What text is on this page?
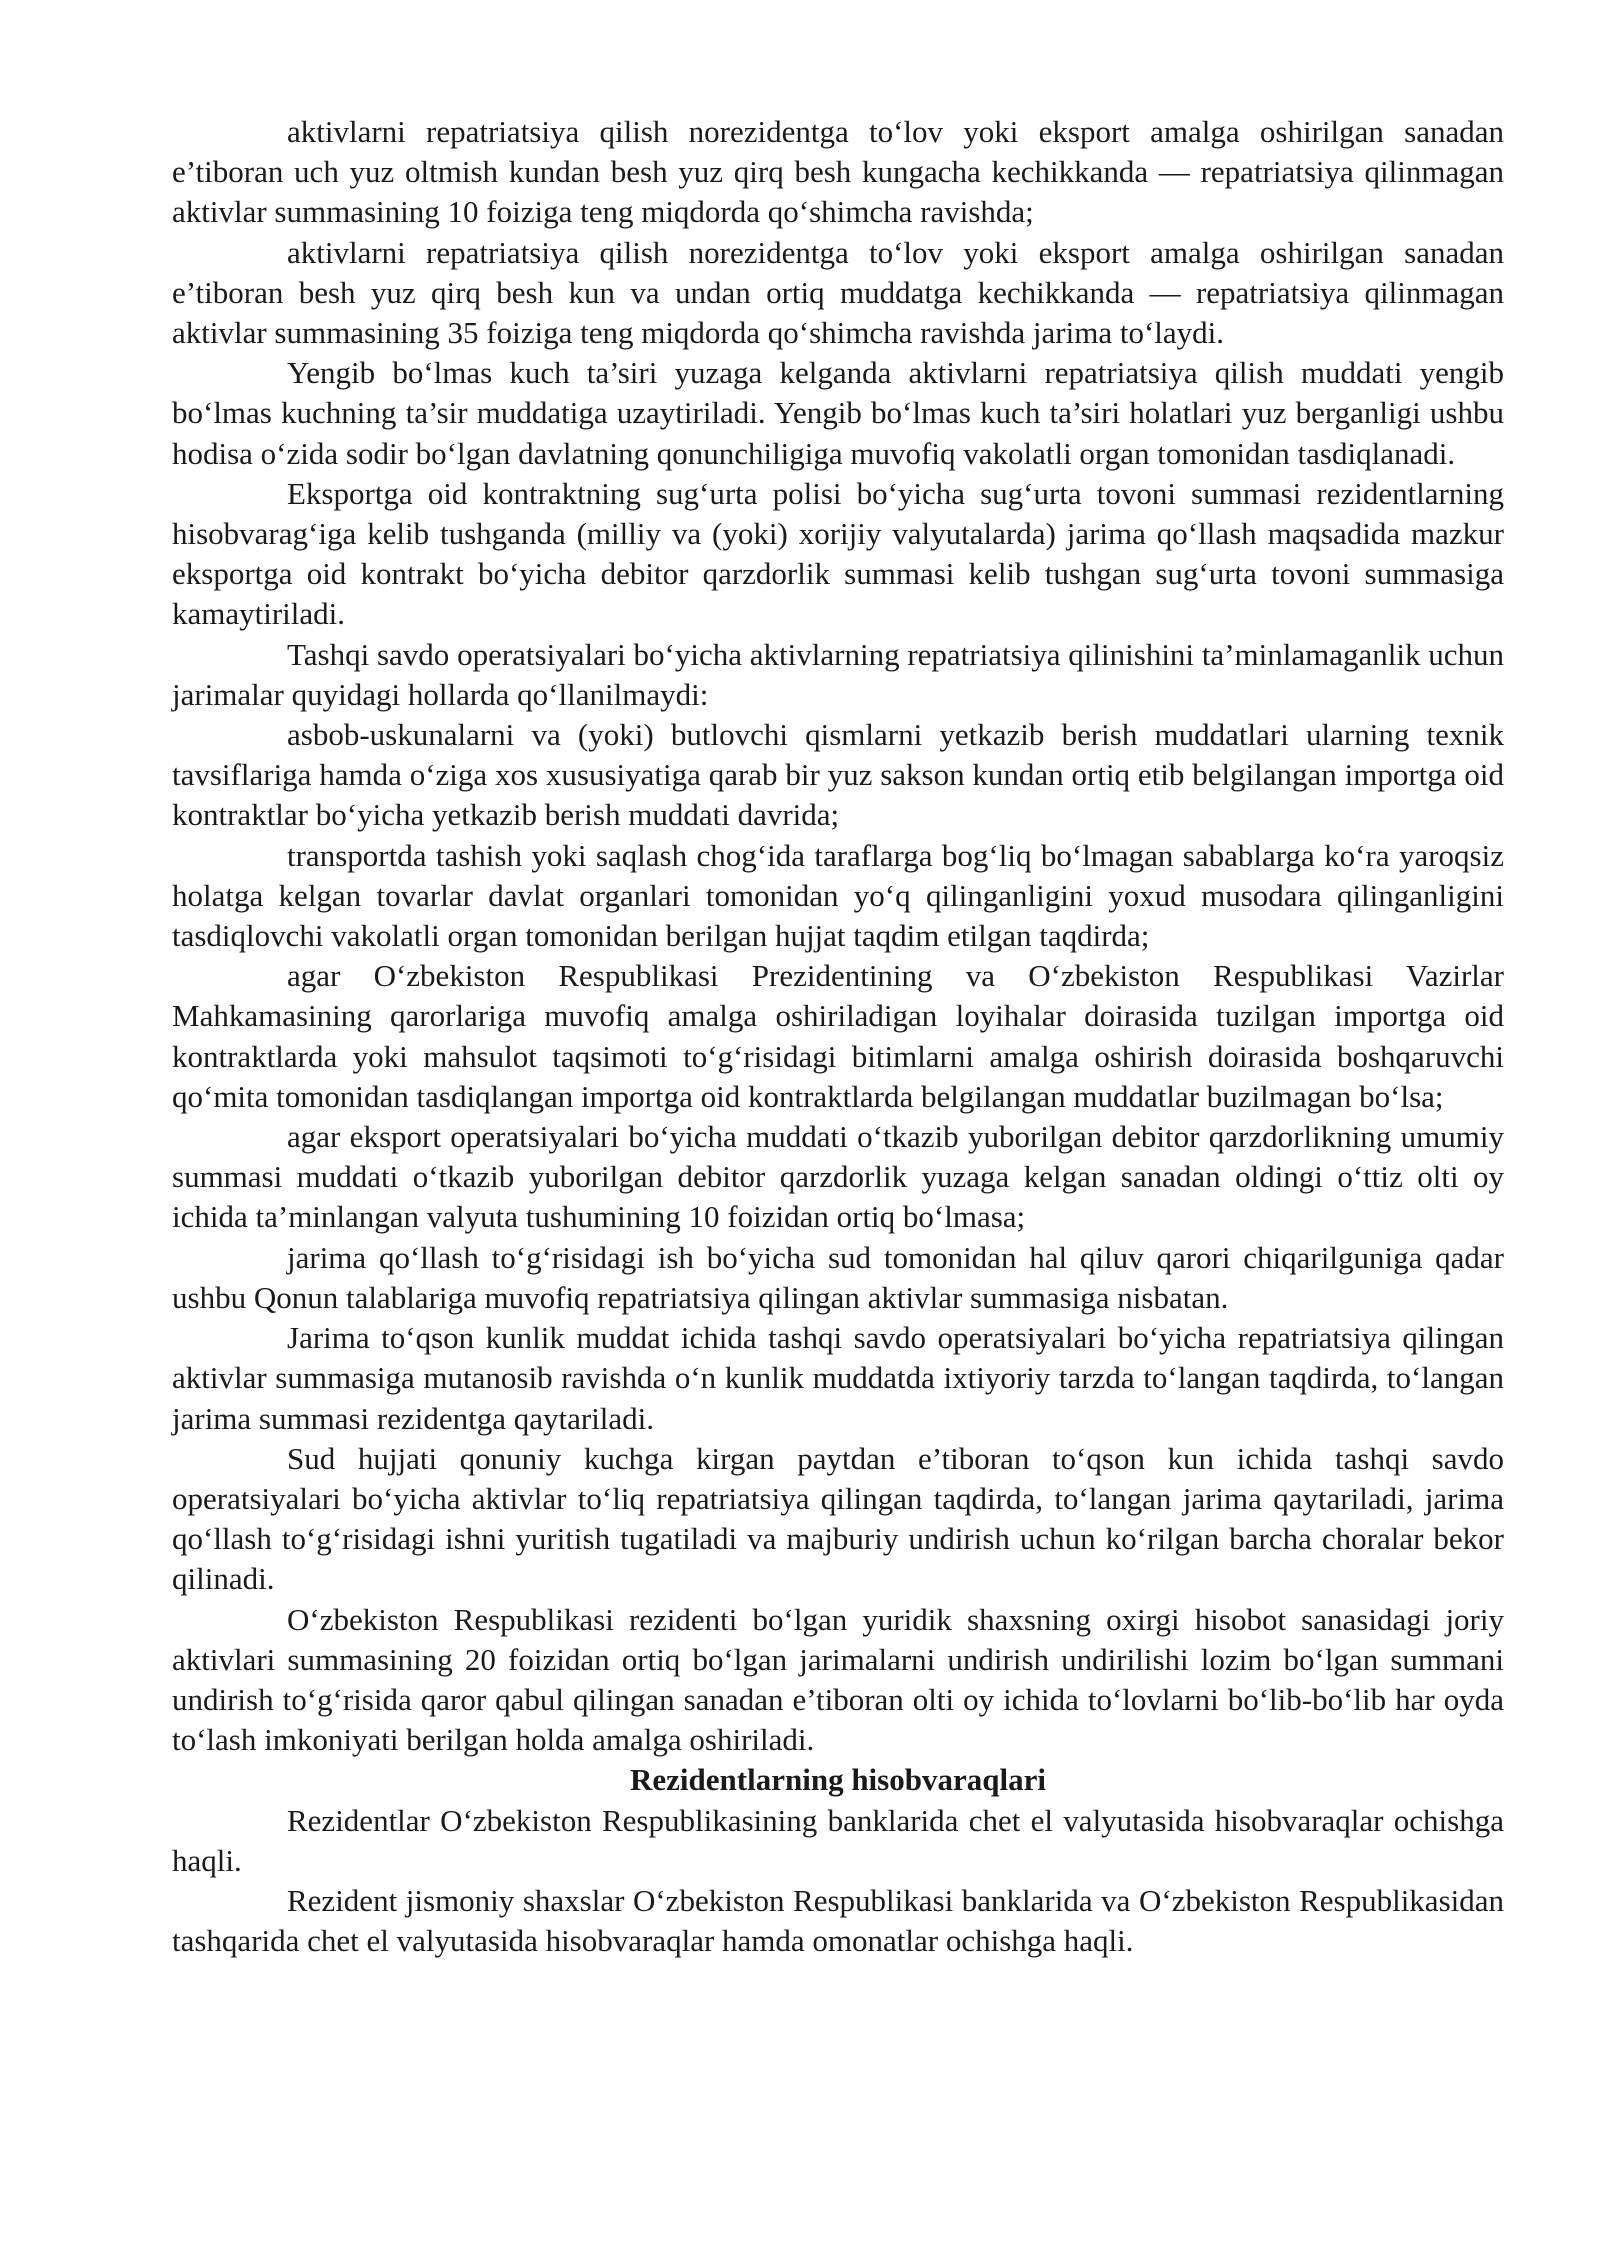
aktivlarni repatriatsiya qilish norezidentga to‘lov yoki eksport amalga oshirilgan sanadan e’tiboran uch yuz oltmish kundan besh yuz qirq besh kungacha kechikkanda — repatriatsiya qilinmagan aktivlar summasining 10 foiziga teng miqdorda qo‘shimcha ravishda;

aktivlarni repatriatsiya qilish norezidentga to‘lov yoki eksport amalga oshirilgan sanadan e’tiboran besh yuz qirq besh kun va undan ortiq muddatga kechikkanda — repatriatsiya qilinmagan aktivlar summasining 35 foiziga teng miqdorda qo‘shimcha ravishda jarima to‘laydi.

Yengib bo‘lmas kuch ta’siri yuzaga kelganda aktivlarni repatriatsiya qilish muddati yengib bo‘lmas kuchning ta’sir muddatiga uzaytiriladi. Yengib bo‘lmas kuch ta’siri holatlari yuz berganligi ushbu hodisa o‘zida sodir bo‘lgan davlatning qonunchiligiga muvofiq vakolatli organ tomonidan tasdiqlanadi.

Eksportga oid kontraktning sug‘urta polisi bo‘yicha sug‘urta tovoni summasi rezidentlarning hisobvarag‘iga kelib tushganda (milliy va (yoki) xorijiy valyutalarda) jarima qo‘llash maqsadida mazkur eksportga oid kontrakt bo‘yicha debitor qarzdorlik summasi kelib tushgan sug‘urta tovoni summasiga kamaytiriladi.

Tashqi savdo operatsiyalari bo‘yicha aktivlarning repatriatsiya qilinishini ta’minlamaganlik uchun jarimalar quyidagi hollarda qo‘llanilmaydi:

asbob-uskunalarni va (yoki) butlovchi qismlarni yetkazib berish muddatlari ularning texnik tavsiflariga hamda o‘ziga xos xususiyatiga qarab bir yuz sakson kundan ortiq etib belgilangan importga oid kontraktlar bo‘yicha yetkazib berish muddati davrida;

transportda tashish yoki saqlash chog‘ida taraflarga bog‘liq bo‘lmagan sabablarga ko‘ra yaroqsiz holatga kelgan tovarlar davlat organlari tomonidan yo‘q qilinganligini yoxud musodara qilinganligini tasdiqlovchi vakolatli organ tomonidan berilgan hujjat taqdim etilgan taqdirda;

agar O‘zbekiston Respublikasi Prezidentining va O‘zbekiston Respublikasi Vazirlar Mahkamasining qarorlariga muvofiq amalga oshiriladigan loyihalar doirasida tuzilgan importga oid kontraktlarda yoki mahsulot taqsimoti to‘g‘risidagi bitimlarni amalga oshirish doirasida boshqaruvchi qo‘mita tomonidan tasdiqlangan importga oid kontraktlarda belgilangan muddatlar buzilmagan bo‘lsa;

agar eksport operatsiyalari bo‘yicha muddati o‘tkazib yuborilgan debitor qarzdorlikning umumiy summasi muddati o‘tkazib yuborilgan debitor qarzdorlik yuzaga kelgan sanadan oldingi o‘ttiz olti oy ichida ta’minlangan valyuta tushumining 10 foizidan ortiq bo‘lmasa;

jarima qo‘llash to‘g‘risidagi ish bo‘yicha sud tomonidan hal qiluv qarori chiqarilguniga qadar ushbu Qonun talablariga muvofiq repatriatsiya qilingan aktivlar summasiga nisbatan.

Jarima to‘qson kunlik muddat ichida tashqi savdo operatsiyalari bo‘yicha repatriatsiya qilingan aktivlar summasiga mutanosib ravishda o‘n kunlik muddatda ixtiyoriy tarzda to‘langan taqdirda, to‘langan jarima summasi rezidentga qaytariladi.

Sud hujjati qonuniy kuchga kirgan paytdan e’tiboran to‘qson kun ichida tashqi savdo operatsiyalari bo‘yicha aktivlar to‘liq repatriatsiya qilingan taqdirda, to‘langan jarima qaytariladi, jarima qo‘llash to‘g‘risidagi ishni yuritish tugatiladi va majburiy undirish uchun ko‘rilgan barcha choralar bekor qilinadi.

O‘zbekiston Respublikasi rezidenti bo‘lgan yuridik shaxsning oxirgi hisobot sanasidagi joriy aktivlari summasining 20 foizidan ortiq bo‘lgan jarimalarni undirish undirilishi lozim bo‘lgan summani undirish to‘g‘risida qaror qabul qilingan sanadan e’tiboran olti oy ichida to‘lovlarni bo‘lib-bo‘lib har oyda to‘lash imkoniyati berilgan holda amalga oshiriladi.

Rezidentlarning hisobvaraqlari

Rezidentlar O‘zbekiston Respublikasining banklarida chet el valyutasida hisobvaraqlar ochishga haqli.

Rezident jismoniy shaxslar O‘zbekiston Respublikasi banklarida va O‘zbekiston Respublikasidan tashqarida chet el valyutasida hisobvaraqlar hamda omonatlar ochishga haqli.
